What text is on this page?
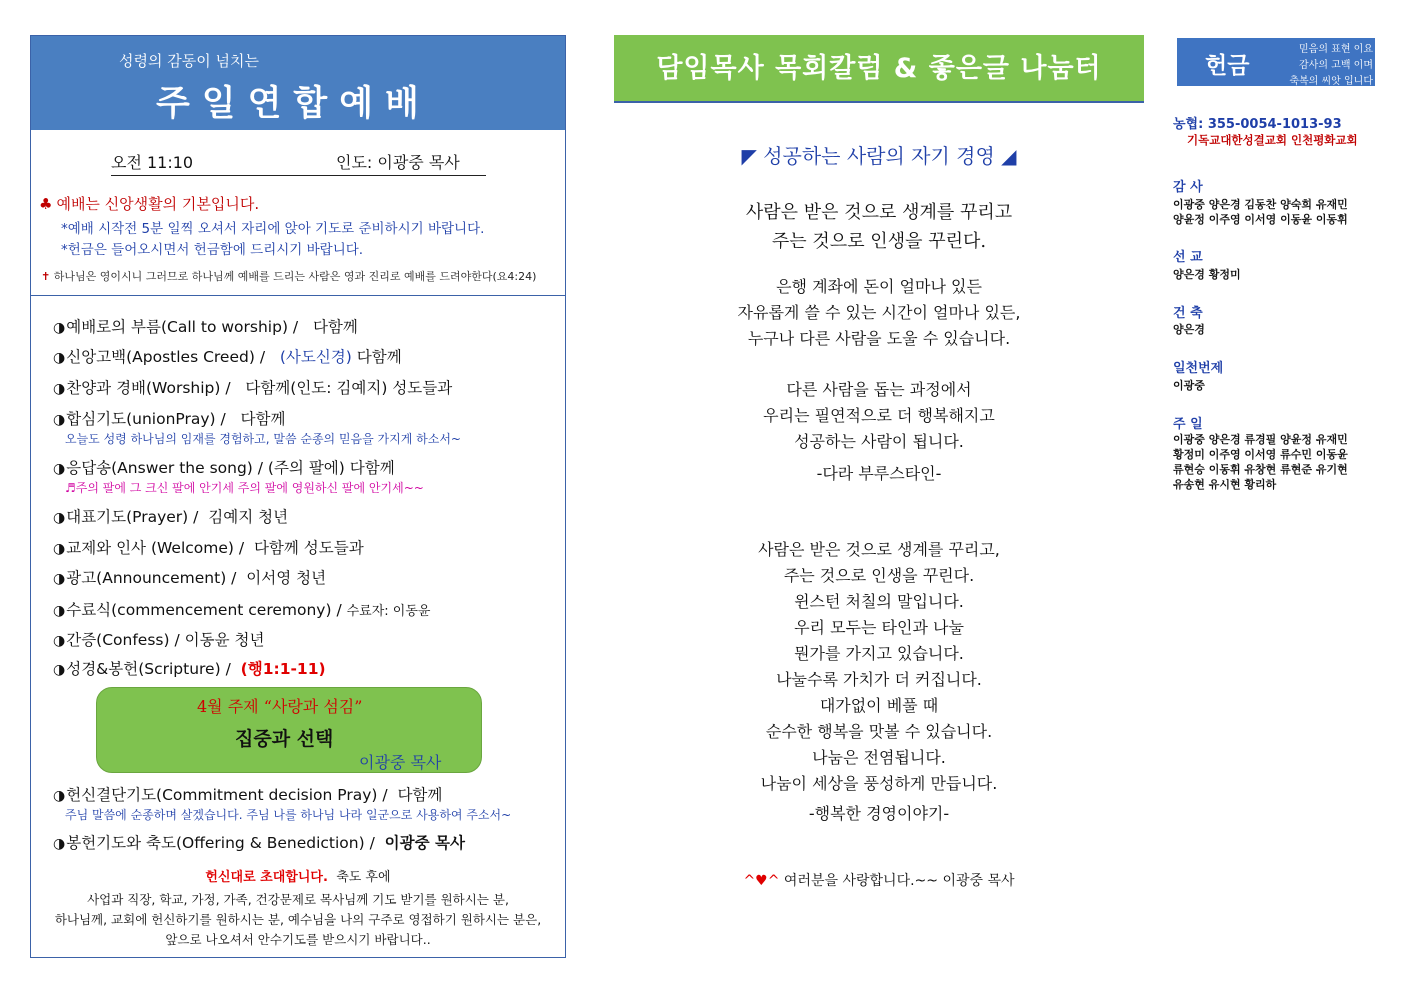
성령의 감동이 넘치는
주일연합예배
오전 11:10	인도: 이광중 목사
♣ 예배는 신앙생활의 기본입니다.
*예배 시작전 5분 일찍 오셔서 자리에 앉아 기도로 준비하시기 바랍니다.
*헌금은 들어오시면서 헌금함에 드리시기 바랍니다.
✝ 하나님은 영이시니 그러므로 하나님께 예배를 드리는 사람은 영과 진리로 예배를 드려야한다(요4:24)
◑예배로의 부름(Call to worship) / 다함께
◑신앙고백(Apostles Creed) / (사도신경) 다함께
◑찬양과 경배(Worship) / 다함께(인도: 김예지) 성도들과
◑합심기도(unionPray) / 다함께
오늘도 성령 하나님의 임재를 경험하고, 말씀 순종의 믿음을 가지게 하소서~
◑응답송(Answer the song) / (주의 팔에) 다함께
♬주의 팔에 그 크신 팔에 안기세 주의 팔에 영원하신 팔에 안기세~~
◑대표기도(Prayer) / 김예지 청년
◑교제와 인사 (Welcome) / 다함께 성도들과
◑광고(Announcement) / 이서영 청년
◑수료식(commencement ceremony) / 수료자: 이동윤
◑간증(Confess) / 이동윤 청년
◑성경&봉헌(Scripture) / (행1:1-11)
4월 주제 “사랑과 섬김”
집중과 선택
이광중 목사
◑헌신결단기도(Commitment decision Pray) / 다함께
주님 말씀에 순종하며 살겠습니다. 주님 나를 하나님 나라 일군으로 사용하여 주소서~
◑봉헌기도와 축도(Offering & Benediction) / 이광중 목사
헌신대로 초대합니다. 축도 후에
사업과 직장, 학교, 가정, 가족, 건강문제로 목사님께 기도 받기를 원하시는 분,
하나님께, 교회에 헌신하기를 원하시는 분, 예수님을 나의 구주로 영접하기 원하시는 분은,
앞으로 나오셔서 안수기도를 받으시기 바랍니다..
담임목사 목회칼럼 & 좋은글 나눔터
◤ 성공하는 사람의 자기 경영 ◢
사람은 받은 것으로 생계를 꾸리고
주는 것으로 인생을 꾸린다.
은행 계좌에 돈이 얼마나 있든
자유롭게 쓸 수 있는 시간이 얼마나 있든,
누구나 다른 사람을 도울 수 있습니다.
다른 사람을 돕는 과정에서
우리는 필연적으로 더 행복해지고
성공하는 사람이 됩니다.
-다라 부루스타인-
사람은 받은 것으로 생계를 꾸리고,
주는 것으로 인생을 꾸린다.
윈스턴 처칠의 말입니다.
우리 모두는 타인과 나눌
뭔가를 가지고 있습니다.
나눌수록 가치가 더 커집니다.
대가없이 베풀 때
순수한 행복을 맛볼 수 있습니다.
나눔은 전염됩니다.
나눔이 세상을 풍성하게 만듭니다.
-행복한 경영이야기-
^♥^ 여러분을 사랑합니다.~~ 이광중 목사
헌금
믿음의 표현 이요
감사의 고백 이며
축복의 씨앗 입니다
농협: 355-0054-1013-93
기독교대한성결교회 인천평화교회
감 사
이광중 양은경 김동찬 양숙희 유재민
양윤정 이주영 이서영 이동윤 이동휘
선 교
양은경 황정미
건 축
양은경
일천번제
이광중
주 일
이광중 양은경 류경필 양윤정 유재민
황정미 이주영 이서영 류수민 이동윤
류현승 이동휘 유창현 류현준 유기현
유송현 유시현 황리하
